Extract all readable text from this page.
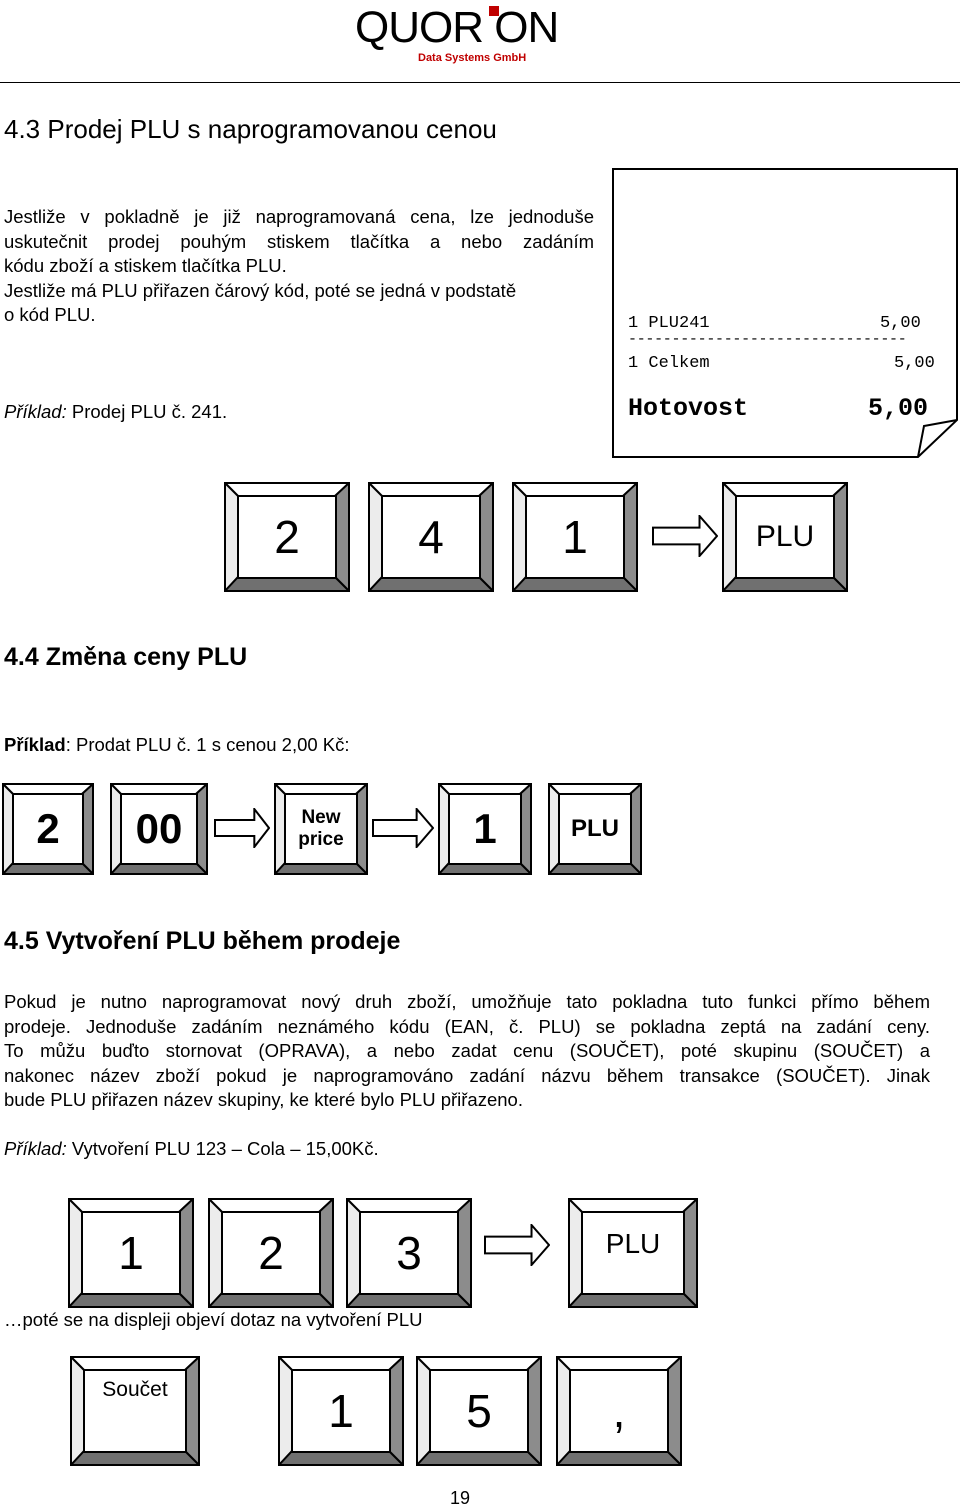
QUOR ON
Data Systems GmbH
4.3 Prodej PLU s naprogramovanou cenou

Jestliže v pokladně je již naprogramovaná cena, lze jednoduše

uskutečnit prodej pouhým stiskem tlačítka a nebo zadáním

kódu zboží a stiskem tlačítka PLU.

Jestliže má PLU přiřazen čárový kód, poté se jedná v podstatě

o kód PLU.

Příklad: Prodej PLU č. 241.
1 PLU241	5,00
--------------------------------
1 Celkem	5,00
Hotovost	5,00
4.4 Změna ceny PLU
Příklad: Prodat PLU č. 1 s cenou 2,00 Kč:
4.5 Vytvoření PLU během prodeje

Pokud je nutno naprogramovat nový druh zboží, umožňuje tato pokladna tuto funkci přímo během

prodeje. Jednoduše zadáním neznámého kódu (EAN, č. PLU) se pokladna zeptá na zadání ceny.

To můžu buďto stornovat (OPRAVA), a nebo zadat cenu (SOUČET), poté skupinu (SOUČET) a

nakonec název zboží pokud je naprogramováno zadání názvu během transakce (SOUČET). Jinak

bude PLU přiřazen název skupiny, ke které bylo PLU přiřazeno.

Příklad: Vytvoření PLU 123 – Cola – 15,00Kč.
…poté se na displeji objeví dotaz na vytvoření PLU
19
2	4	1	PLU
2	00	New price	1	PLU
1	2	3	PLU
Součet	1	5	,
